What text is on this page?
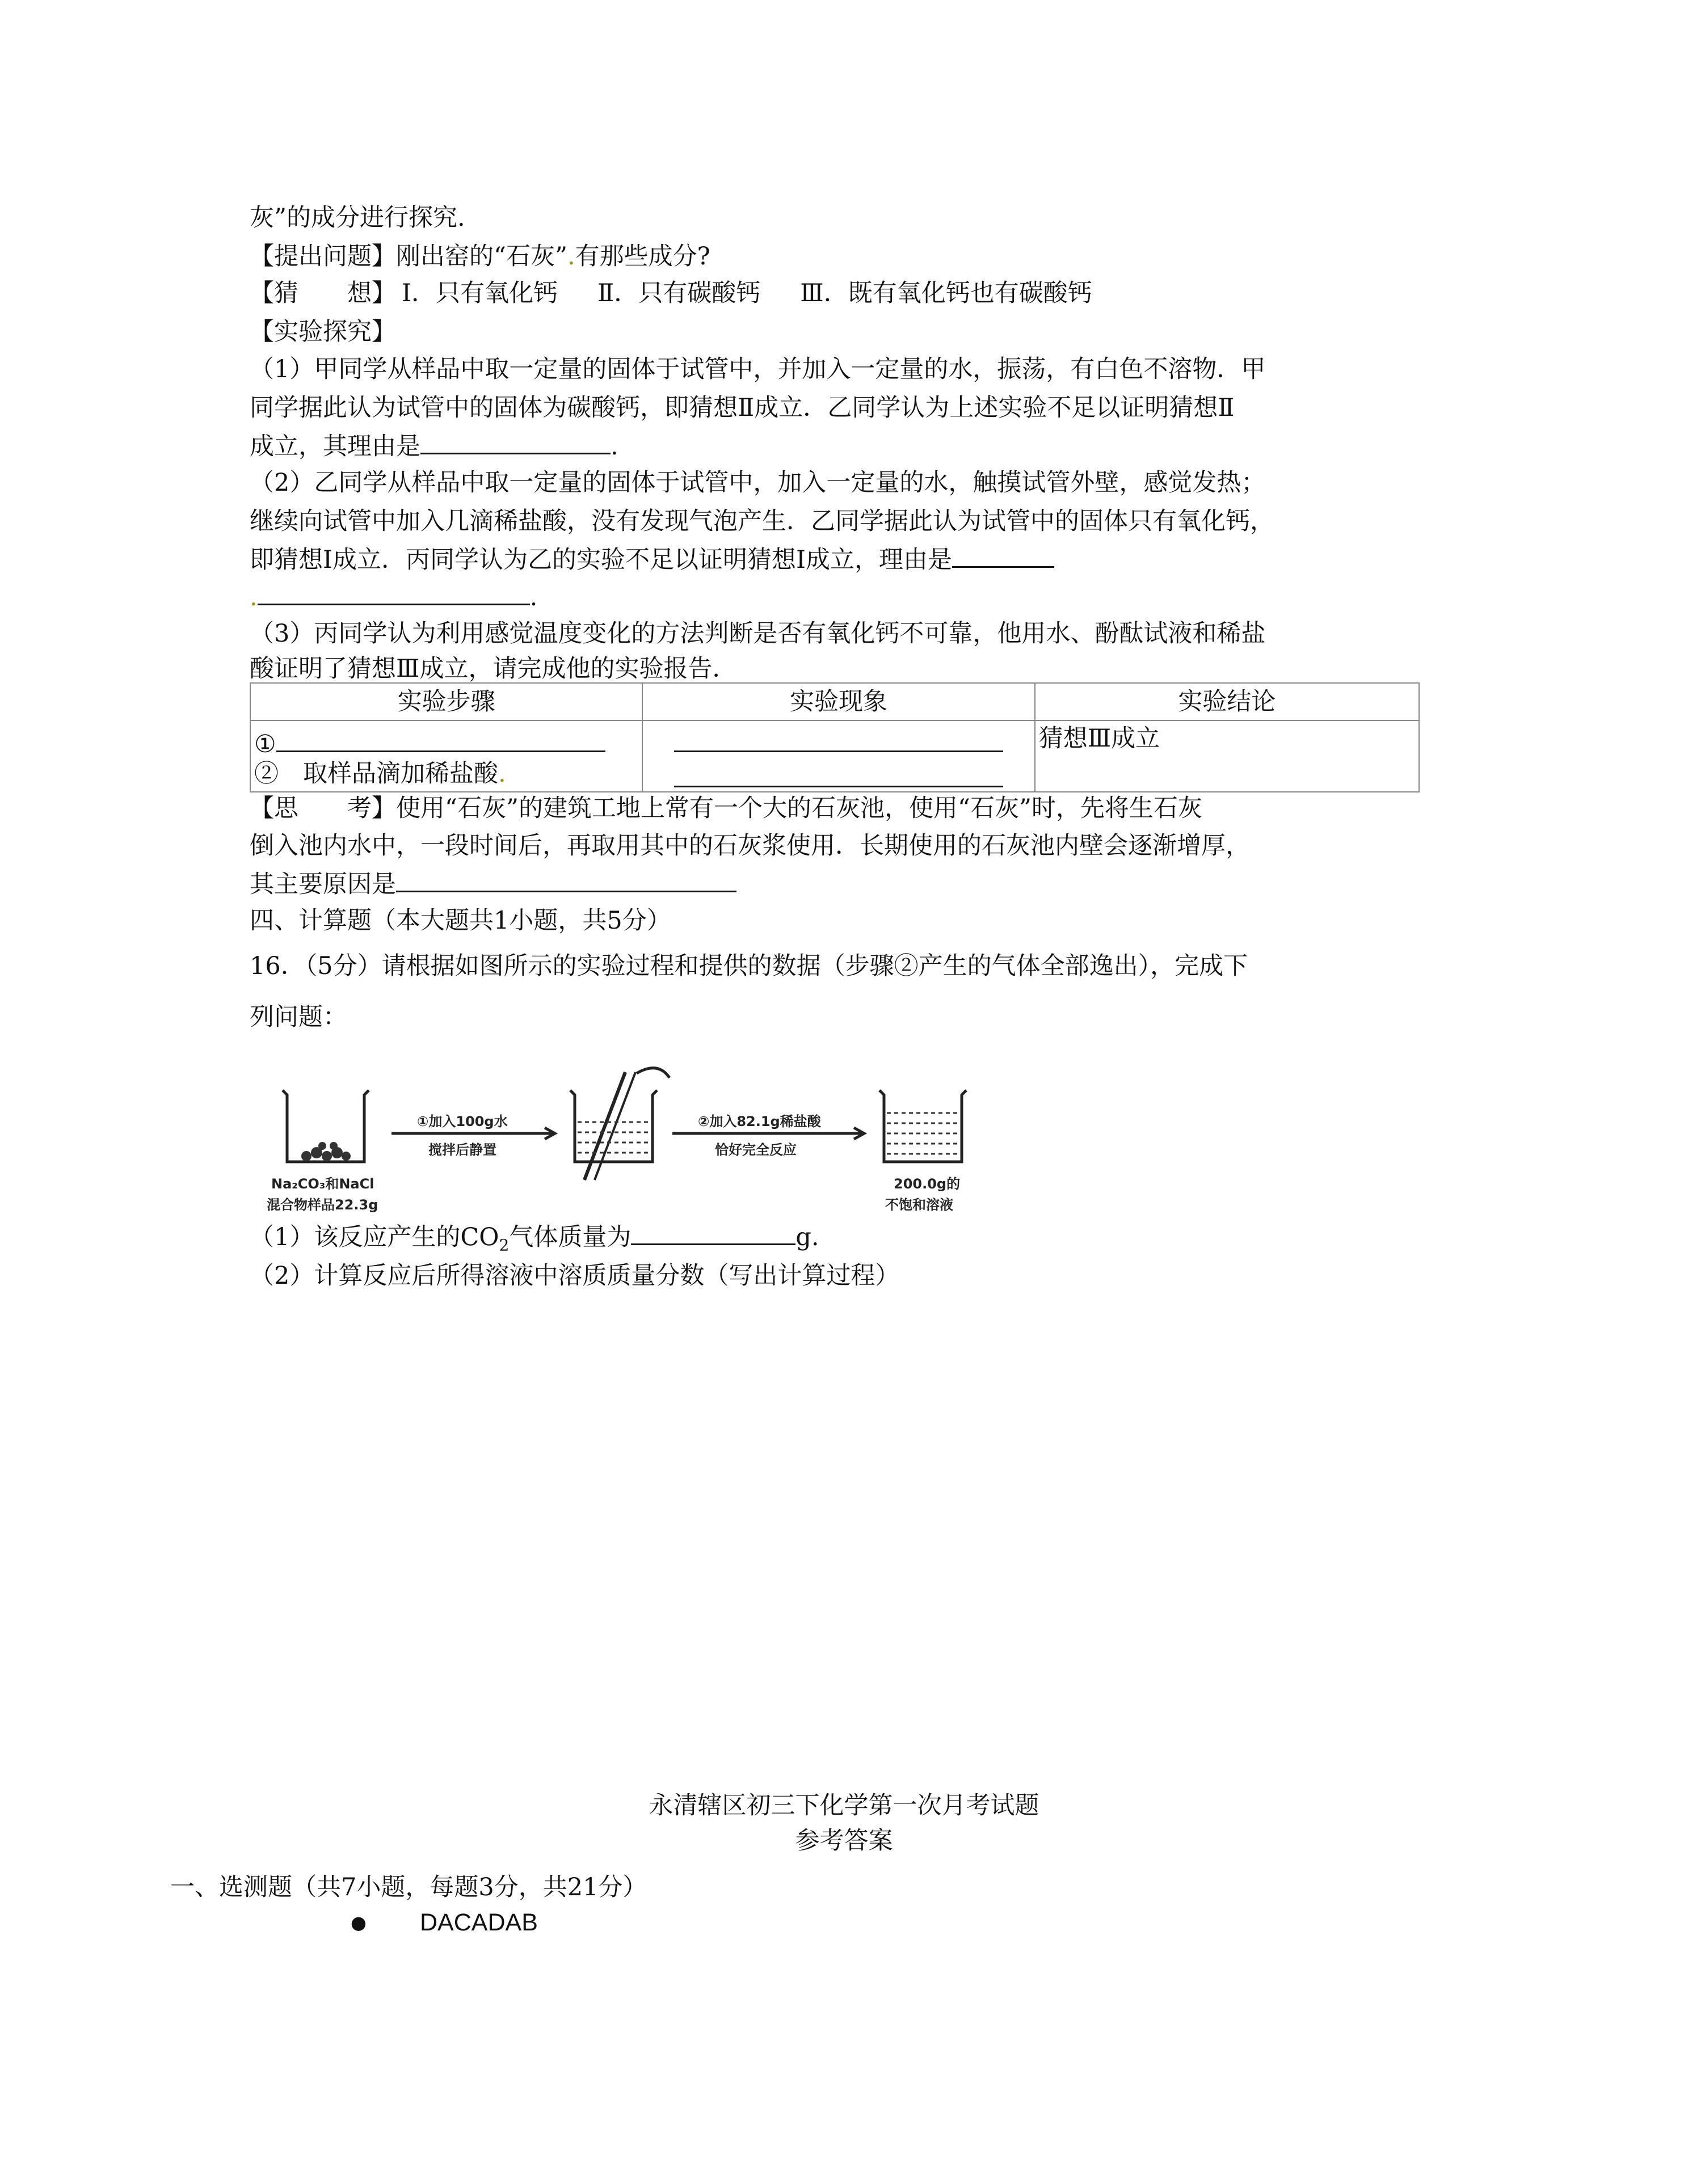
灰”的成分进行探究.
【提出问题】刚出窑的“石灰”.有那些成分?
【猜　　想】 Ⅰ．只有氧化钙 Ⅱ．只有碳酸钙 Ⅲ．既有氧化钙也有碳酸钙
【实验探究】
（1）甲同学从样品中取一定量的固体于试管中，并加入一定量的水，振荡，有白色不溶物．甲
同学据此认为试管中的固体为碳酸钙，即猜想Ⅱ成立．乙同学认为上述实验不足以证明猜想Ⅱ
成立，其理由是	.
（2）乙同学从样品中取一定量的固体于试管中，加入一定量的水，触摸试管外壁，感觉发热；
继续向试管中加入几滴稀盐酸，没有发现气泡产生．乙同学据此认为试管中的固体只有氧化钙，
即猜想Ⅰ成立．丙同学认为乙的实验不足以证明猜想Ⅰ成立，理由是
.	.
（3）丙同学认为利用感觉温度变化的方法判断是否有氧化钙不可靠，他用水、酚酞试液和稀盐
酸证明了猜想Ⅲ成立，请完成他的实验报告．
实验步骤	实验现象	实验结论

①
②　取样品滴加稀盐酸.		猜想Ⅲ成立
【思　　考】使用“石灰”的建筑工地上常有一个大的石灰池，使用“石灰”时，先将生石灰
倒入池内水中，一段时间后，再取用其中的石灰浆使用．长期使用的石灰池内壁会逐渐增厚，
其主要原因是
四、计算题（本大题共1小题，共5分）
16．（5分）请根据如图所示的实验过程和提供的数据（步骤②产生的气体全部逸出），完成下
列问题：
①加入100g水
搅拌后静置
②加入82.1g稀盐酸
恰好完全反应
Na₂CO₃和NaCl
混合物样品22.3g
200.0g的
不饱和溶液
（1）该反应产生的$CO_2$气体质量为	g.
（2）计算反应后所得溶液中溶质质量分数（写出计算过程）
永清辖区初三下化学第一次月考试题
参考答案
一、选测题（共7小题，每题3分，共21分）
● DACADAB
